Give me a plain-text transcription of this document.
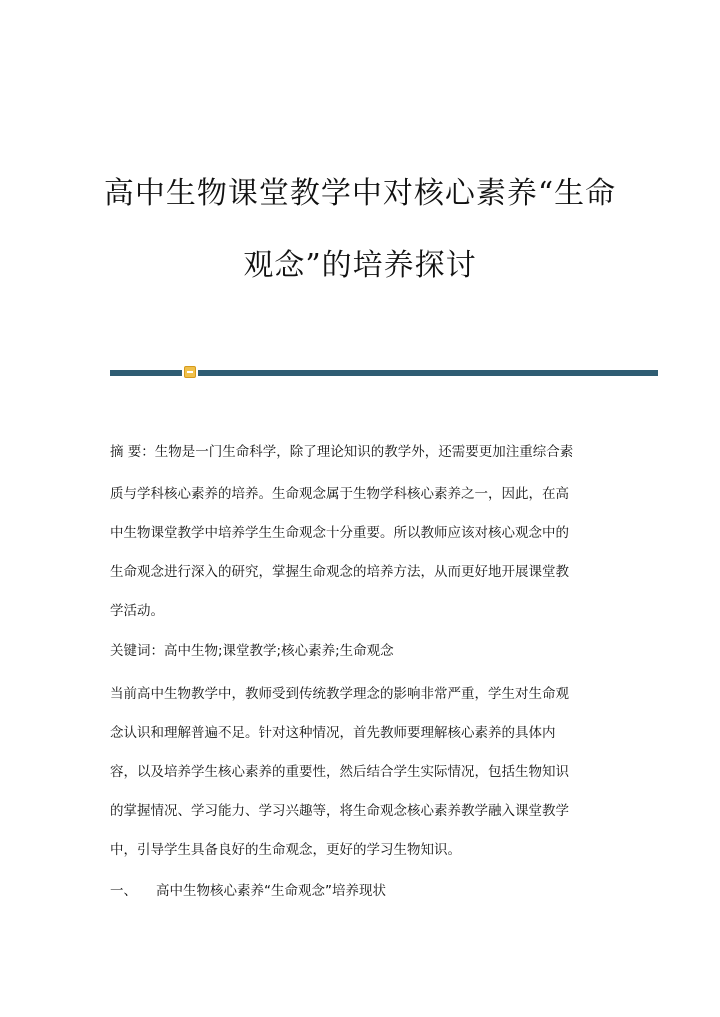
高中生物课堂教学中对核心素养“生命
观念”的培养探讨
摘 要：生物是一门生命科学，除了理论知识的教学外，还需要更加注重综合素
质与学科核心素养的培养。生命观念属于生物学科核心素养之一，因此，在高
中生物课堂教学中培养学生生命观念十分重要。所以教师应该对核心观念中的
生命观念进行深入的研究，掌握生命观念的培养方法，从而更好地开展课堂教
学活动。
关键词：高中生物;课堂教学;核心素养;生命观念
当前高中生物教学中，教师受到传统教学理念的影响非常严重，学生对生命观
念认识和理解普遍不足。针对这种情况，首先教师要理解核心素养的具体内
容，以及培养学生核心素养的重要性，然后结合学生实际情况，包括生物知识
的掌握情况、学习能力、学习兴趣等，将生命观念核心素养教学融入课堂教学
中，引导学生具备良好的生命观念，更好的学习生物知识。
一、 高中生物核心素养“生命观念”培养现状
